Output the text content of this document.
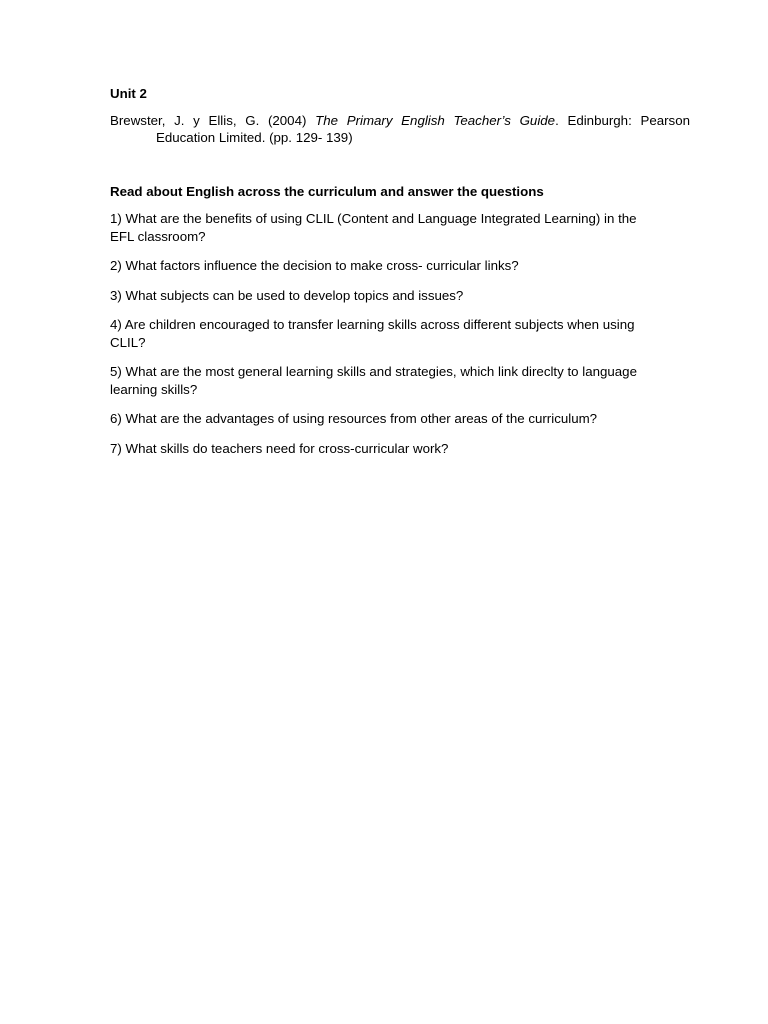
Unit 2

Brewster, J. y Ellis, G. (2004) The Primary English Teacher’s Guide. Edinburgh: Pearson Education Limited. (pp. 129- 139)

Read about English across the curriculum and answer the questions

1) What are the benefits of using CLIL (Content and Language Integrated Learning) in the EFL classroom?
2) What factors influence the decision to make cross- curricular links?
3) What subjects can be used to develop topics and issues?
4) Are children encouraged to transfer learning skills across different subjects when using CLIL?
5) What are the most general learning skills and strategies, which link direclty to language learning skills?
6) What are the advantages of using resources from other areas of the curriculum?
7) What skills do teachers need for cross-curricular work?
